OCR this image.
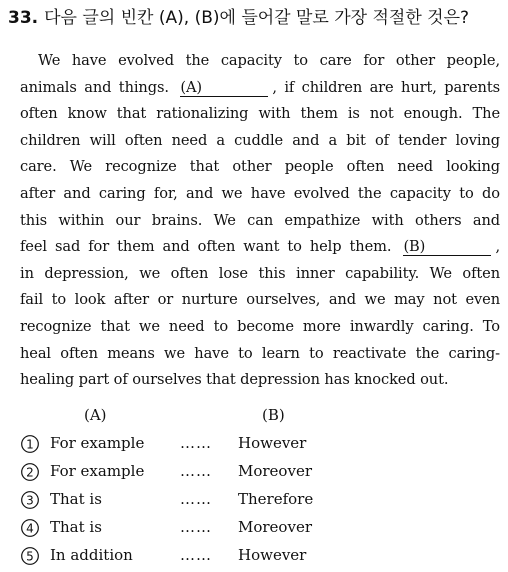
33. 다음 글의 빈칸 (A), (B)에 들어갈 말로 가장 적절한 것은?
We have evolved the capacity to care for other people,
animals and things. (A)	, if children are hurt, parents
often know that rationalizing with them is not enough. The
children will often need a cuddle and a bit of tender loving
care. We recognize that other people often need looking
after and caring for, and we have evolved the capacity to do
this within our brains. We can empathize with others and
feel sad for them and often want to help them. (B)	,
in depression, we often lose this inner capability. We often
fail to look after or nurture ourselves, and we may not even
recognize that we need to become more inwardly caring. To
heal often means we have to learn to reactivate the caring-
healing part of ourselves that depression has knocked out.
(A)	(B)
1 For example …… However
2 For example …… Moreover
3 That is	…… Therefore
4 That is	…… Moreover
5 In addition	…… However
